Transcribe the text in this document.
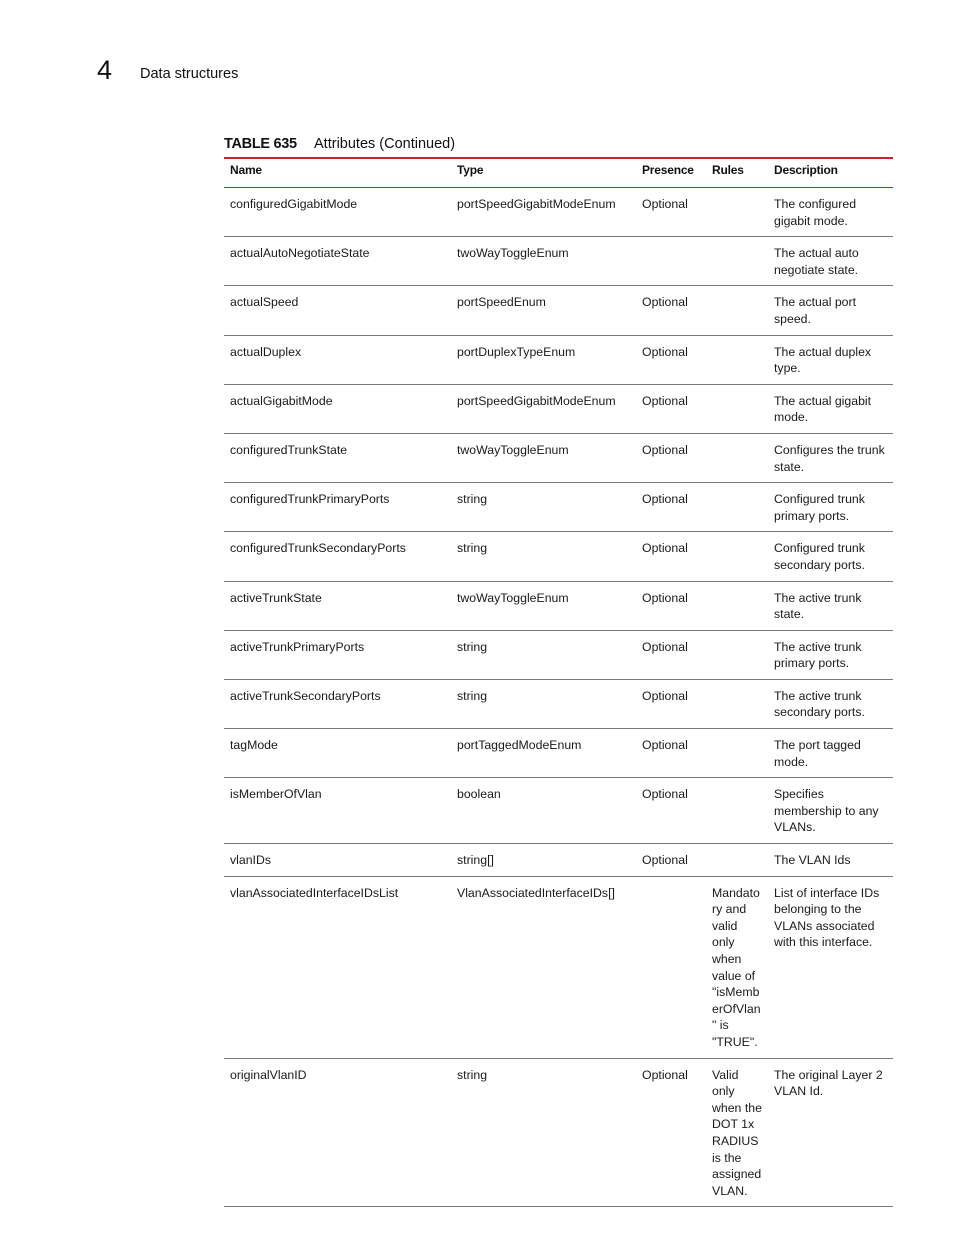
4 Data structures
TABLE 635 Attributes (Continued)
Name	Type	Presence	Rules	Description
configuredGigabitMode	portSpeedGigabitModeEnum	Optional		The configured gigabit mode.
actualAutoNegotiateState	twoWayToggleEnum			The actual auto negotiate state.
actualSpeed	portSpeedEnum	Optional		The actual port speed.
actualDuplex	portDuplexTypeEnum	Optional		The actual duplex type.
actualGigabitMode	portSpeedGigabitModeEnum	Optional		The actual gigabit mode.
configuredTrunkState	twoWayToggleEnum	Optional		Configures the trunk state.
configuredTrunkPrimaryPorts	string	Optional		Configured trunk primary ports.
configuredTrunkSecondaryPorts	string	Optional		Configured trunk secondary ports.
activeTrunkState	twoWayToggleEnum	Optional		The active trunk state.
activeTrunkPrimaryPorts	string	Optional		The active trunk primary ports.
activeTrunkSecondaryPorts	string	Optional		The active trunk secondary ports.
tagMode	portTaggedModeEnum	Optional		The port tagged mode.
isMemberOfVlan	boolean	Optional		Specifies membership to any VLANs.
vlanIDs	string[]	Optional		The VLAN Ids
vlanAssociatedInterfaceIDsList	VlanAssociatedInterfaceIDs[]		Mandatory and valid only when value of "isMemberOfVlan" is "TRUE".	List of interface IDs belonging to the VLANs associated with this interface.
originalVlanID	string	Optional	Valid only when the DOT 1x RADIUS is the assigned VLAN.	The original Layer 2 VLAN Id.
